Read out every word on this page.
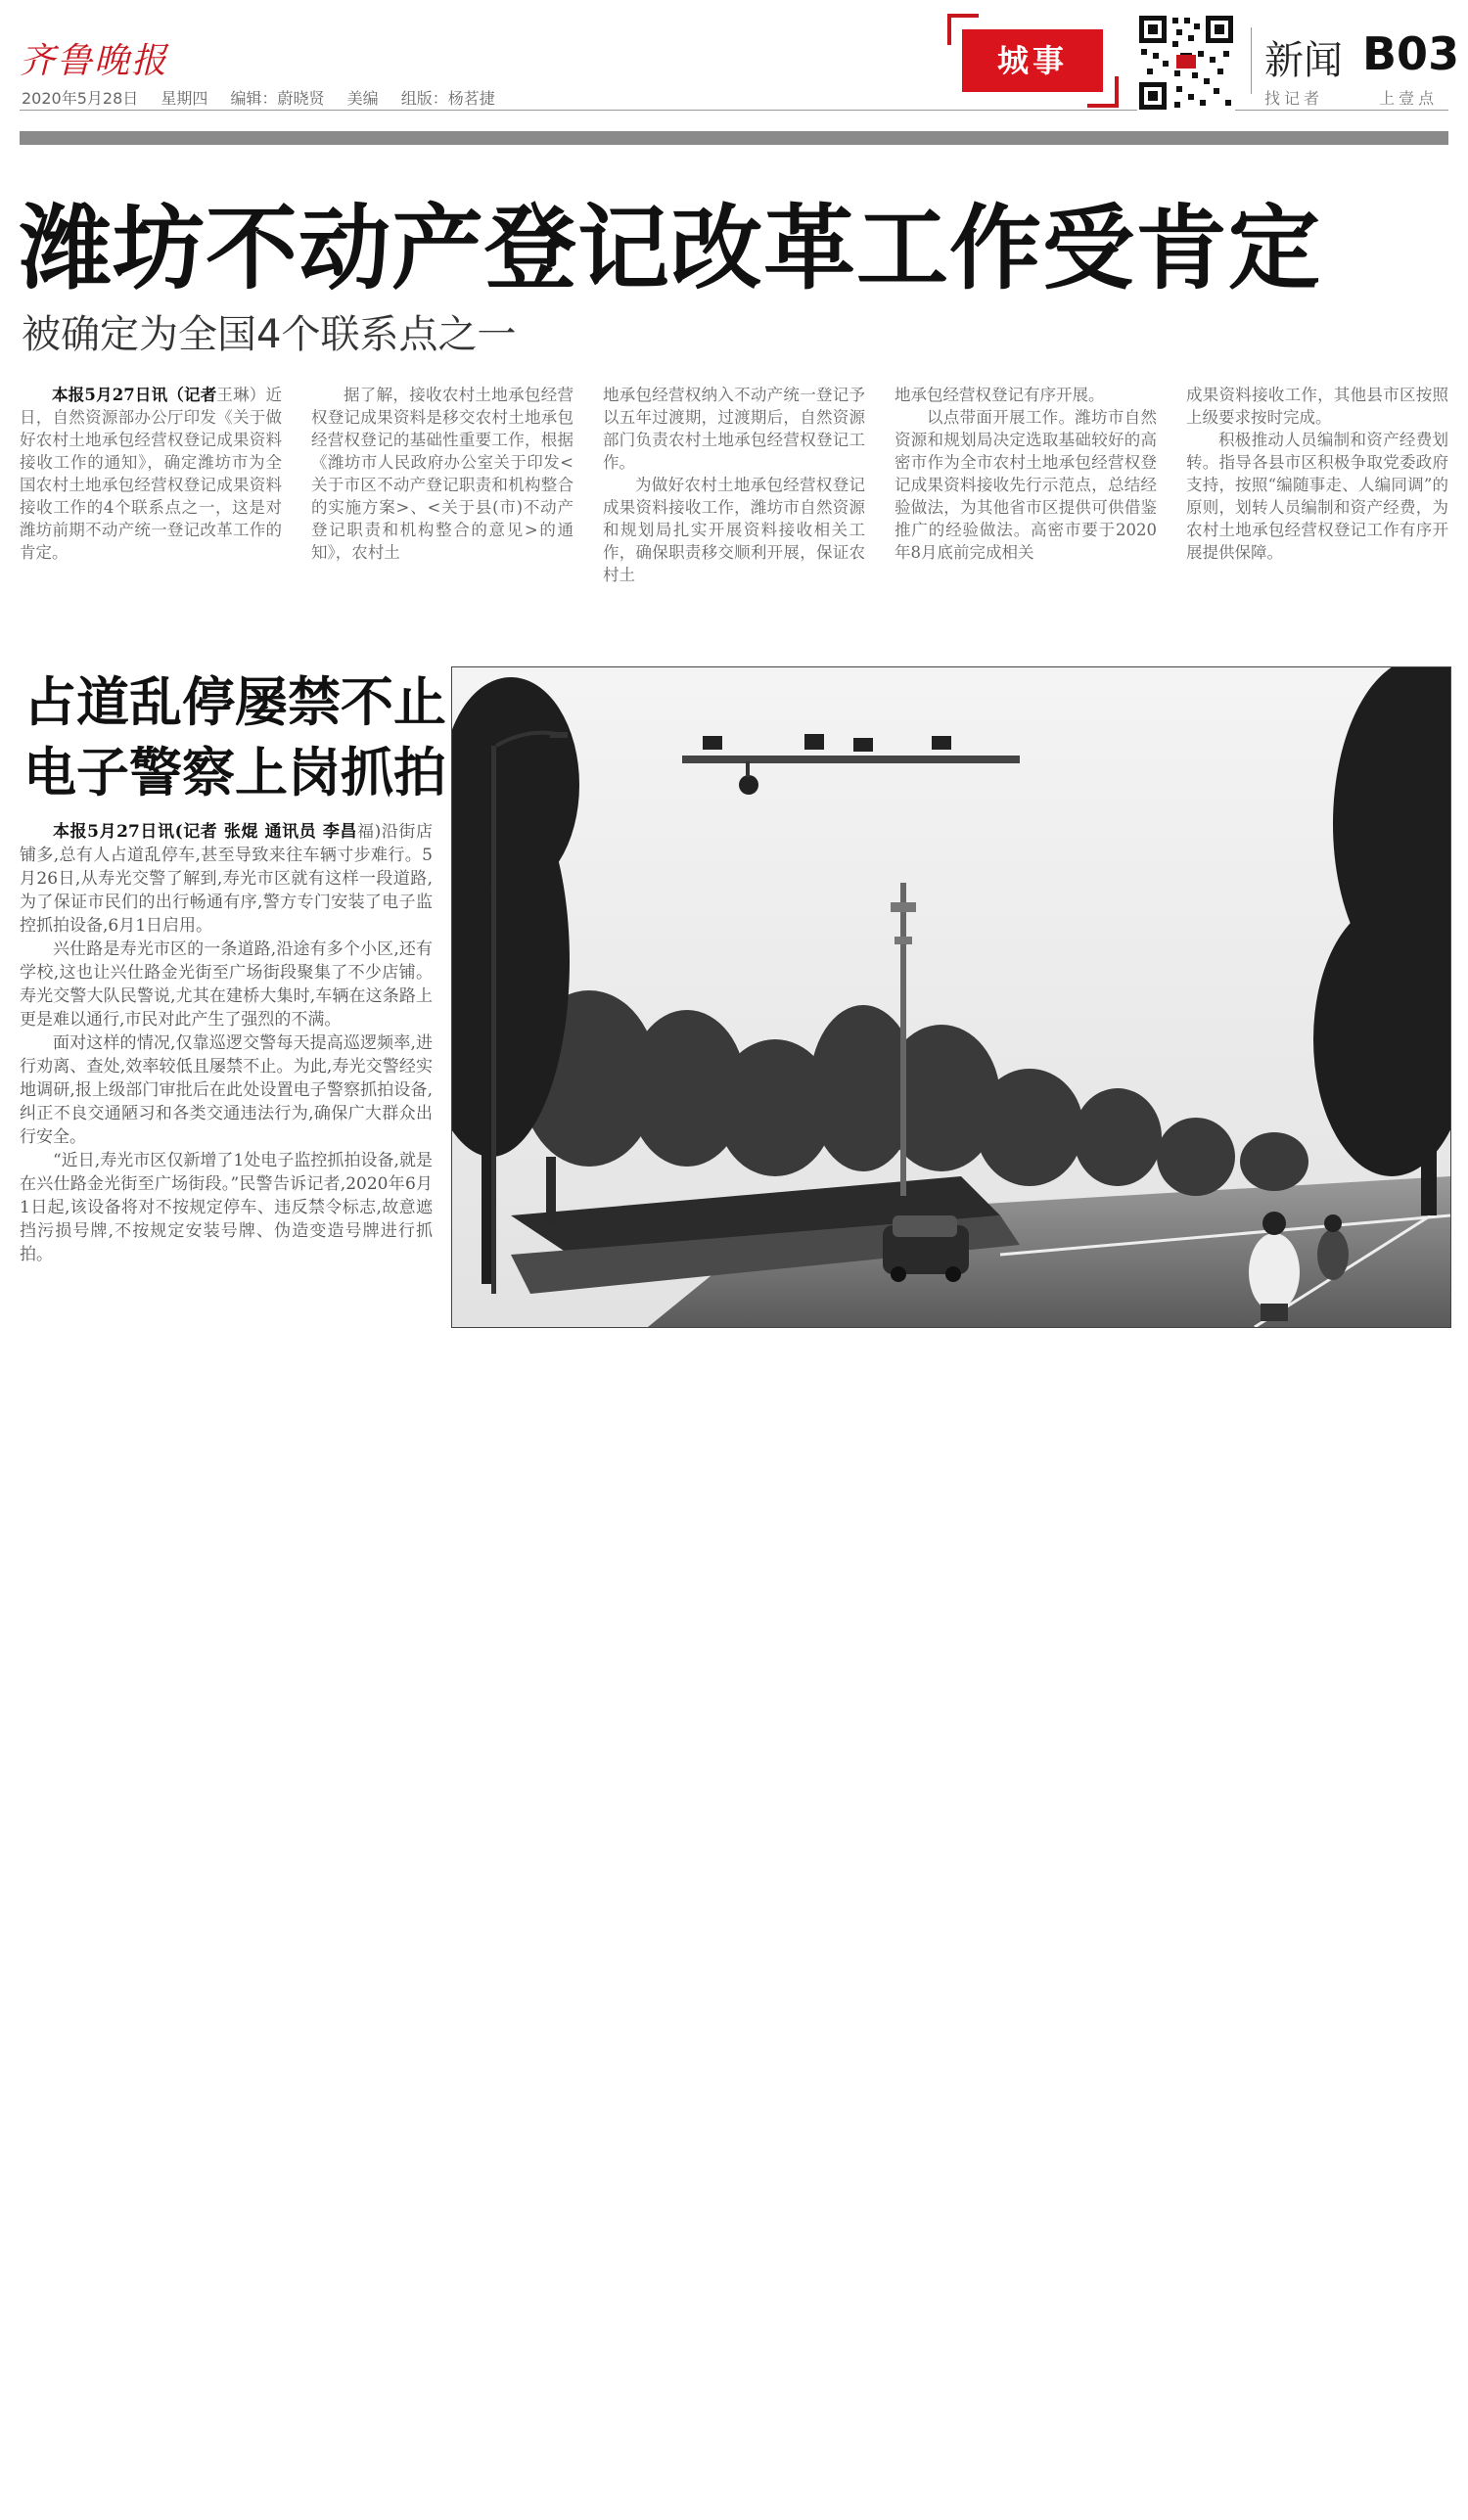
齐鲁晚报
2020年5月28日 星期四 编辑：蔚晓贤 美编 组版：杨茗捷
城事	新闻 B03
找记者	上壹点
潍坊不动产登记改革工作受肯定
被确定为全国4个联系点之一

本报5月27日讯（记者王琳）近日，自然资源部办公厅印发《关于做好农村土地承包经营权登记成果资料接收工作的通知》，确定潍坊市为全国农村土地承包经营权登记成果资料接收工作的4个联系点之一，这是对潍坊前期不动产统一登记改革工作的肯定。

据了解，接收农村土地承包经营权登记成果资料是移交农村土地承包经营权登记的基础性重要工作，根据《潍坊市人民政府办公室关于印发<关于市区不动产登记职责和机构整合的实施方案>、<关于县(市)不动产登记职责和机构整合的意见>的通知》，农村土

地承包经营权纳入不动产统一登记予以五年过渡期，过渡期后，自然资源部门负责农村土地承包经营权登记工作。

为做好农村土地承包经营权登记成果资料接收工作，潍坊市自然资源和规划局扎实开展资料接收相关工作，确保职责移交顺利开展，保证农村土

地承包经营权登记有序开展。

以点带面开展工作。潍坊市自然资源和规划局决定选取基础较好的高密市作为全市农村土地承包经营权登记成果资料接收先行示范点，总结经验做法，为其他省市区提供可供借鉴推广的经验做法。高密市要于2020年8月底前完成相关

成果资料接收工作，其他县市区按照上级要求按时完成。

积极推动人员编制和资产经费划转。指导各县市区积极争取党委政府支持，按照“编随事走、人编同调”的原则，划转人员编制和资产经费，为农村土地承包经营权登记工作有序开展提供保障。

占道乱停屡禁不止
电子警察上岗抓拍

本报5月27日讯(记者 张焜 通讯员 李昌福)沿街店铺多,总有人占道乱停车,甚至导致来往车辆寸步难行。5月26日,从寿光交警了解到,寿光市区就有这样一段道路,为了保证市民们的出行畅通有序,警方专门安装了电子监控抓拍设备,6月1日启用。

兴仕路是寿光市区的一条道路,沿途有多个小区,还有学校,这也让兴仕路金光街至广场街段聚集了不少店铺。寿光交警大队民警说,尤其在建桥大集时,车辆在这条路上更是难以通行,市民对此产生了强烈的不满。

面对这样的情况,仅靠巡逻交警每天提高巡逻频率,进行劝离、查处,效率较低且屡禁不止。为此,寿光交警经实地调研,报上级部门审批后在此处设置电子警察抓拍设备,纠正不良交通陋习和各类交通违法行为,确保广大群众出行安全。

“近日,寿光市区仅新增了1处电子监控抓拍设备,就是在兴仕路金光街至广场街段。”民警告诉记者,2020年6月1日起,该设备将对不按规定停车、违反禁令标志,故意遮挡污损号牌,不按规定安装号牌、伪造变造号牌进行抓拍。
